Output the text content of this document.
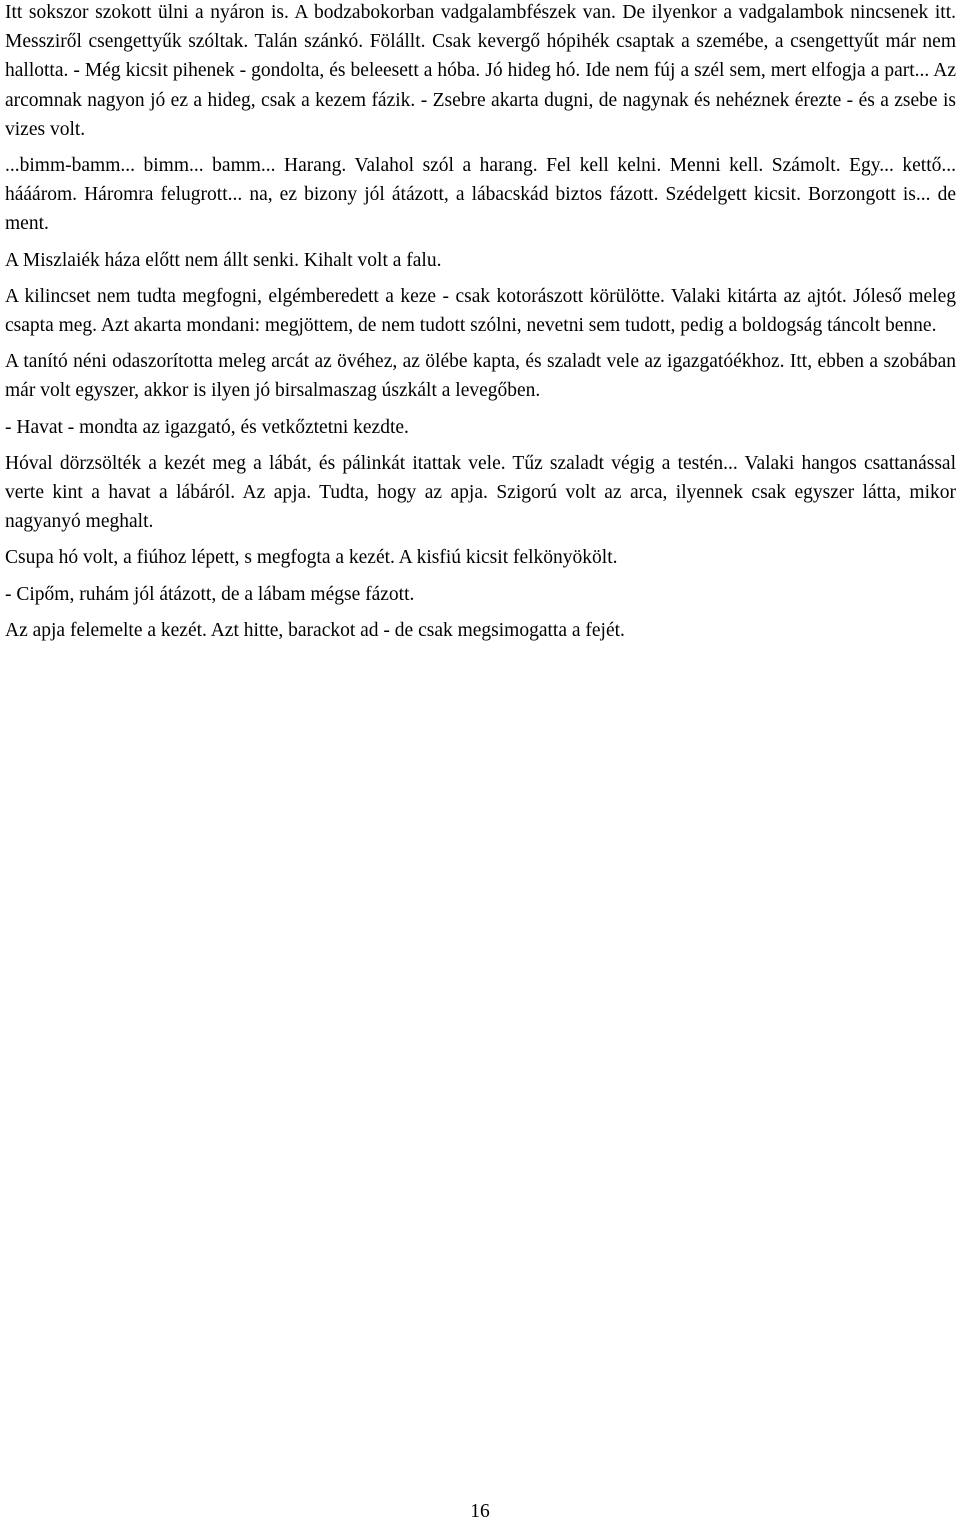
Itt sokszor szokott ülni a nyáron is. A bodzabokorban vadgalambfészek van. De ilyenkor a vadgalambok nincsenek itt. Messziről csengettyűk szóltak. Talán szánkó. Fölállt. Csak kevergő hópihék csaptak a szemébe, a csengettyűt már nem hallotta. - Még kicsit pihenek - gondolta, és beleesett a hóba. Jó hideg hó. Ide nem fúj a szél sem, mert elfogja a part... Az arcomnak nagyon jó ez a hideg, csak a kezem fázik. - Zsebre akarta dugni, de nagynak és nehéznek érezte - és a zsebe is vizes volt.

...bimm-bamm... bimm... bamm... Harang. Valahol szól a harang. Fel kell kelni. Menni kell. Számolt. Egy... kettő... hááárom. Háromra felugrott... na, ez bizony jól átázott, a lábacskád biztos fázott. Szédelgett kicsit. Borzongott is... de ment.

A Miszlaiék háza előtt nem állt senki. Kihalt volt a falu.

A kilincset nem tudta megfogni, elgémberedett a keze - csak kotorászott körülötte. Valaki kitárta az ajtót. Jóleső meleg csapta meg. Azt akarta mondani: megjöttem, de nem tudott szólni, nevetni sem tudott, pedig a boldogság táncolt benne.

A tanító néni odaszorította meleg arcát az övéhez, az ölébe kapta, és szaladt vele az igazgatóékhoz. Itt, ebben a szobában már volt egyszer, akkor is ilyen jó birsalmaszag úszkált a levegőben.

- Havat - mondta az igazgató, és vetkőztetni kezdte.

Hóval dörzsölték a kezét meg a lábát, és pálinkát itattak vele. Tűz szaladt végig a testén... Valaki hangos csattanással verte kint a havat a lábáról. Az apja. Tudta, hogy az apja. Szigorú volt az arca, ilyennek csak egyszer látta, mikor nagyanyó meghalt.

Csupa hó volt, a fiúhoz lépett, s megfogta a kezét. A kisfiú kicsit felkönyökölt.

- Cipőm, ruhám jól átázott, de a lábam mégse fázott.

Az apja felemelte a kezét. Azt hitte, barackot ad - de csak megsimogatta a fejét.

16
